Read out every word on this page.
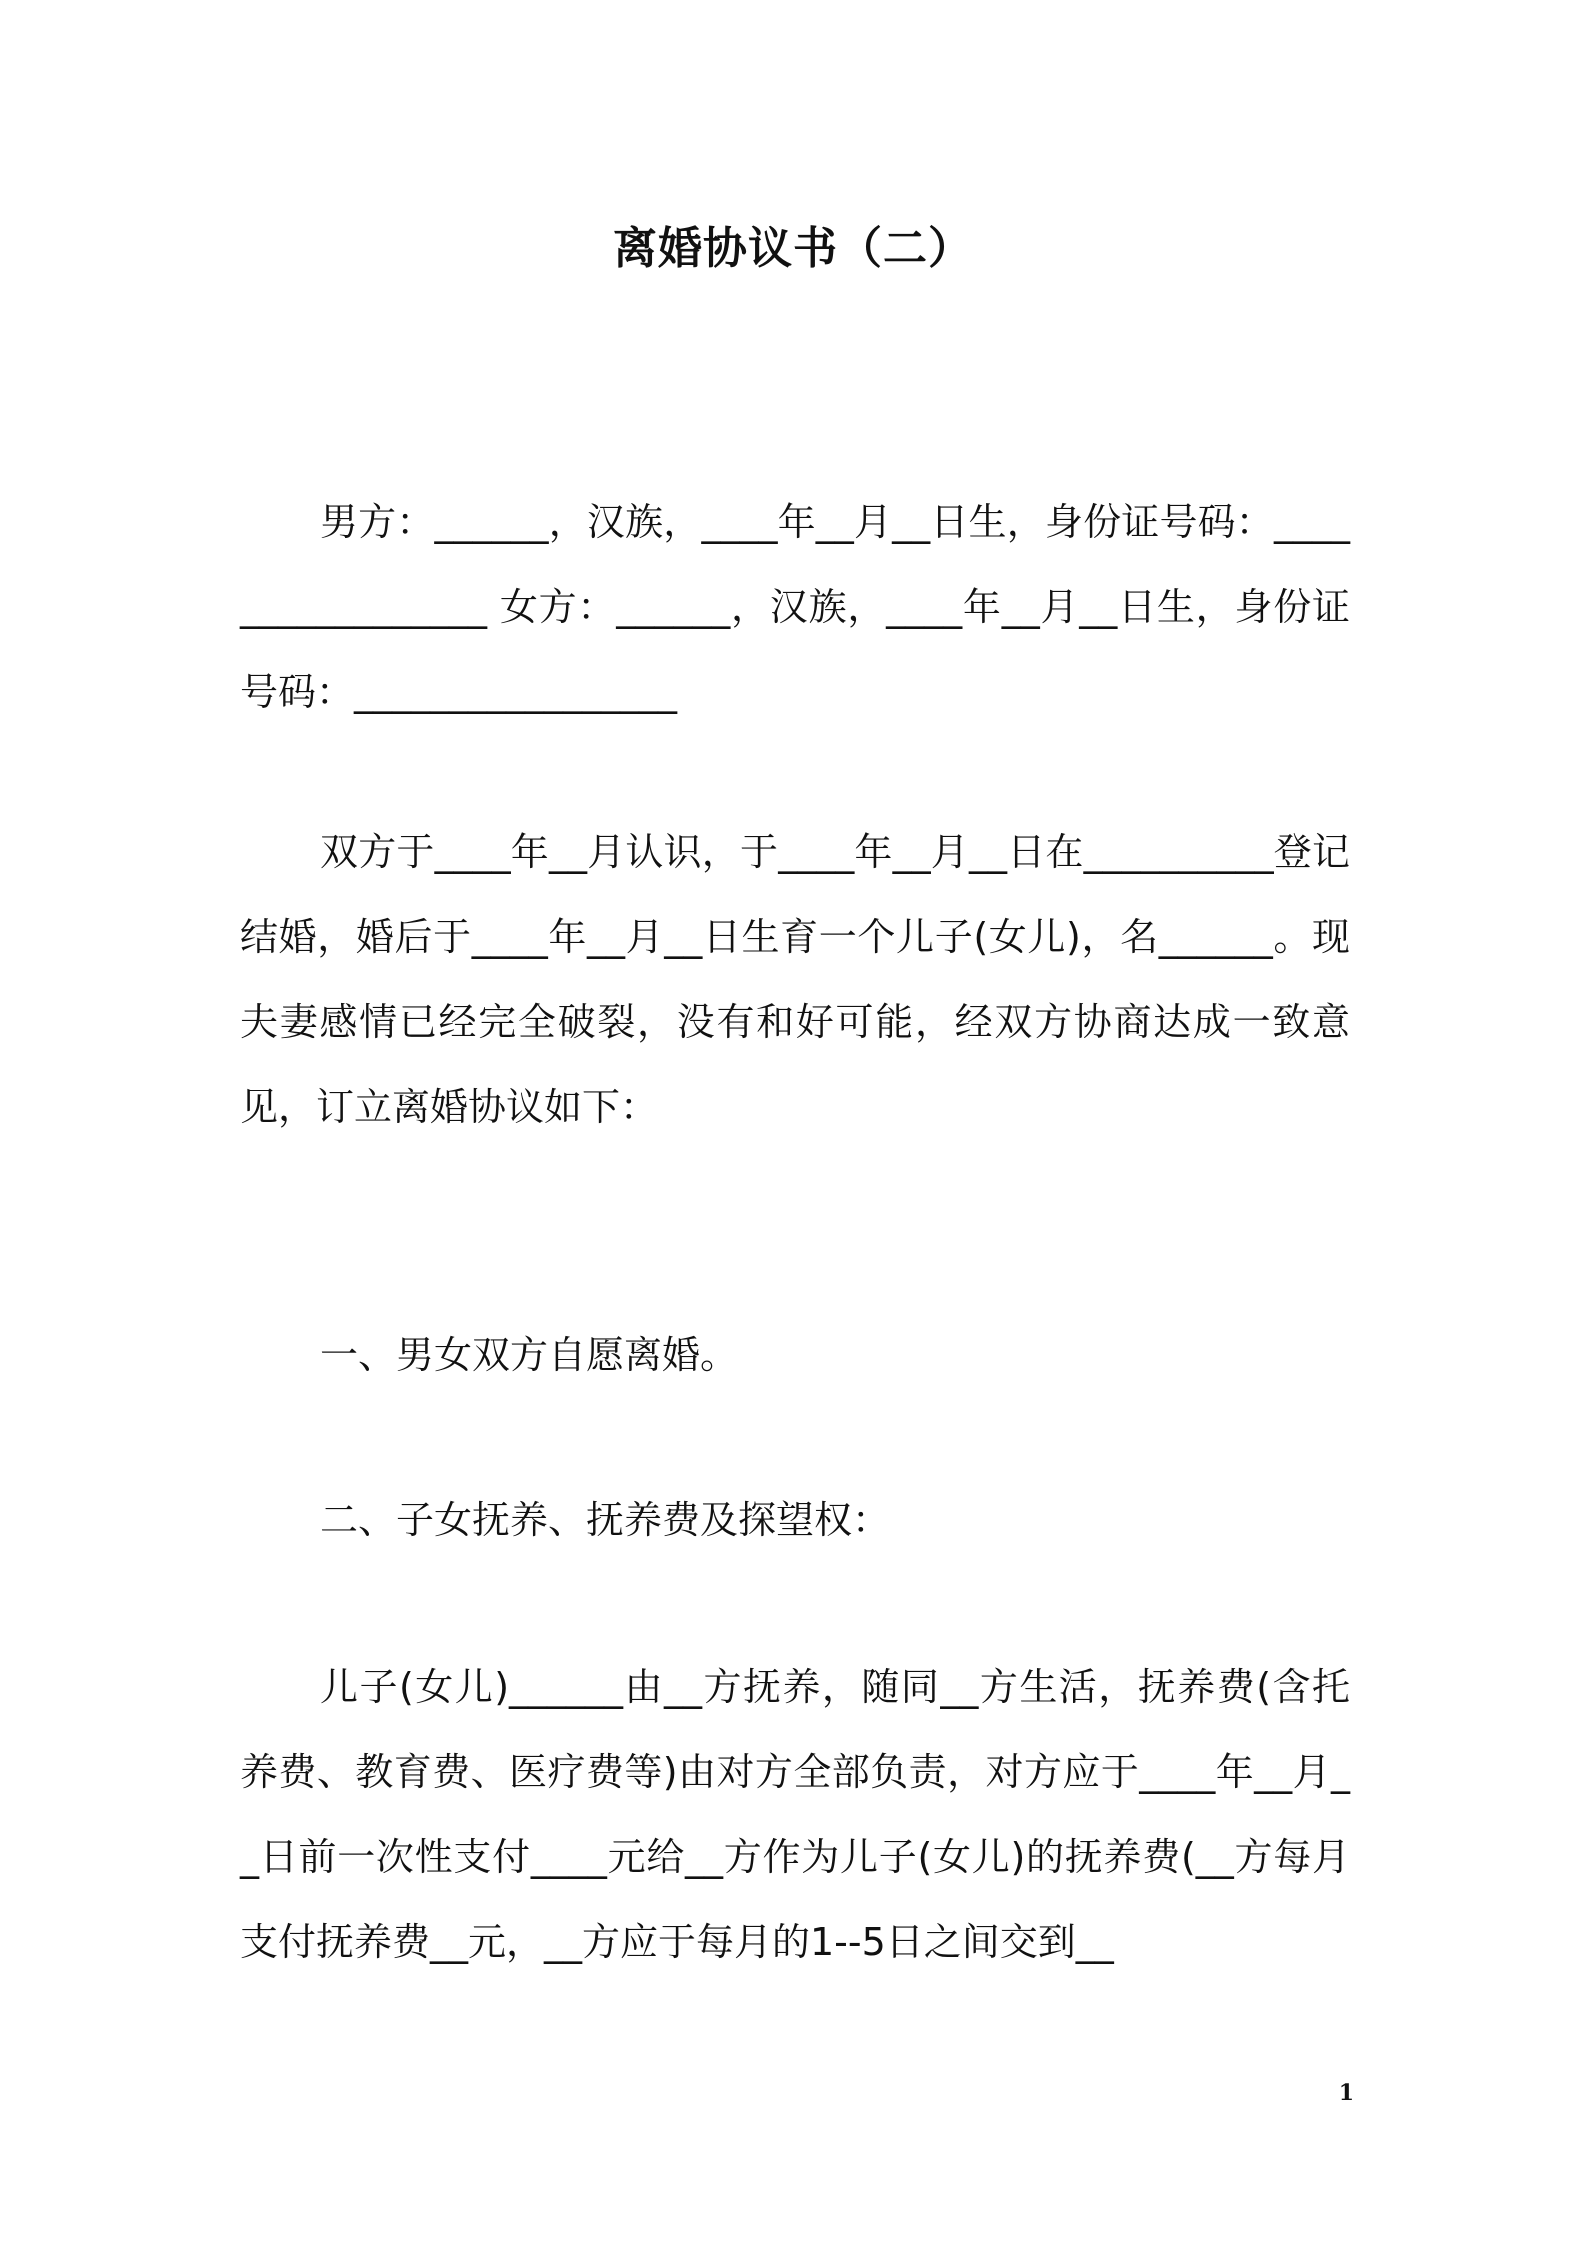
离婚协议书（二）

男方：______，汉族，____年__月__日生，身份证号码：_________________ 女方：______，汉族，____年__月__日生，身份证号码：_________________

双方于____年__月认识，于____年__月__日在__________登记结婚，婚后于____年__月__日生育一个儿子(女儿)，名______。现夫妻感情已经完全破裂，没有和好可能，经双方协商达成一致意见，订立离婚协议如下：

一、男女双方自愿离婚。

二、子女抚养、抚养费及探望权：

儿子(女儿)______由__方抚养，随同__方生活，抚养费(含托养费、教育费、医疗费等)由对方全部负责，对方应于____年__月__日前一次性支付____元给__方作为儿子(女儿)的抚养费(__方每月支付抚养费__元，__方应于每月的1--5日之间交到__

1
